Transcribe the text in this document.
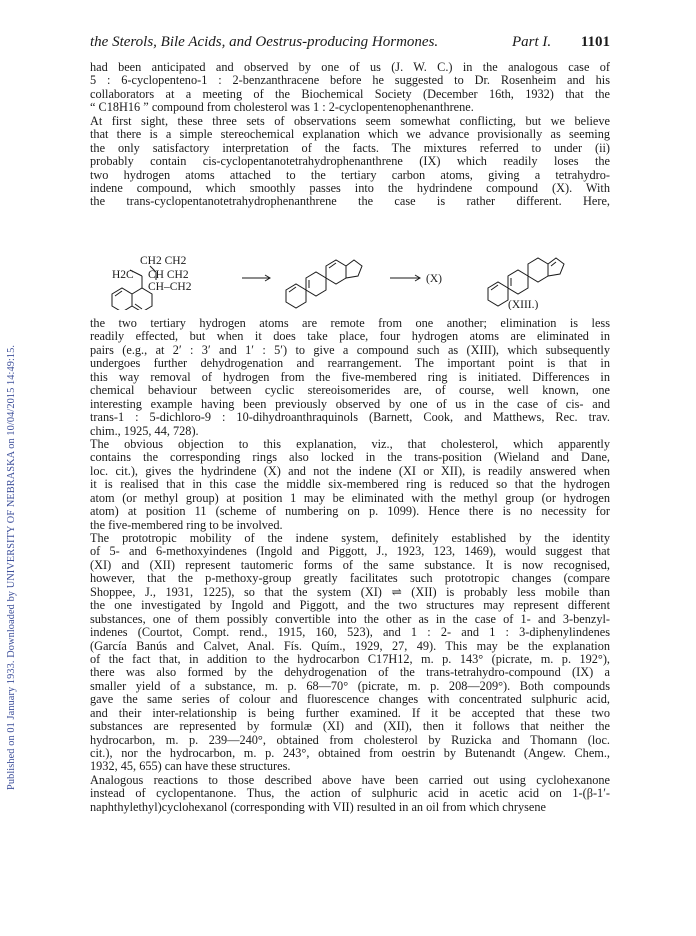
Published on 01 January 1933. Downloaded by UNIVERSITY OF NEBRASKA on 10/04/2015 14:49:15.
the Sterols, Bile Acids, and Oestrus-producing Hormones.	Part I. 1101
had been anticipated and observed by one of us (J. W. C.) in the analogous case of
5 : 6-cyclopenteno-1 : 2-benzanthracene before he suggested to Dr. Rosenheim and his
collaborators at a meeting of the Biochemical Society (December 16th, 1932) that the
“ C18H16 ” compound from cholesterol was 1 : 2-cyclopentenophenanthrene.
At first sight, these three sets of observations seem somewhat conflicting, but we believe
that there is a simple stereochemical explanation which we advance provisionally as seeming
the only satisfactory interpretation of the facts. The mixtures referred to under (ii)
probably contain cis-cyclopentanotetrahydrophenanthrene (IX) which readily loses the
two hydrogen atoms attached to the tertiary carbon atoms, giving a tetrahydro-
indene compound, which smoothly passes into the hydrindene compound (X). With
the trans-cyclopentanotetrahydrophenanthrene the case is rather different. Here,
CH2 CH2
H2C CH CH2
CH–CH2
(X)
(XIII.)
the two tertiary hydrogen atoms are remote from one another; elimination is less
readily effected, but when it does take place, four hydrogen atoms are eliminated in
pairs (e.g., at 2′ : 3′ and 1′ : 5′) to give a compound such as (XIII), which subsequently
undergoes further dehydrogenation and rearrangement. The important point is that in
this way removal of hydrogen from the five-membered ring is initiated. Differences in
chemical behaviour between cyclic stereoisomerides are, of course, well known, one
interesting example having been previously observed by one of us in the case of cis- and
trans-1 : 5-dichloro-9 : 10-dihydroanthraquinols (Barnett, Cook, and Matthews, Rec. trav.
chim., 1925, 44, 728).
The obvious objection to this explanation, viz., that cholesterol, which apparently
contains the corresponding rings also locked in the trans-position (Wieland and Dane,
loc. cit.), gives the hydrindene (X) and not the indene (XI or XII), is readily answered when
it is realised that in this case the middle six-membered ring is reduced so that the hydrogen
atom (or methyl group) at position 1 may be eliminated with the methyl group (or hydrogen
atom) at position 11 (scheme of numbering on p. 1099). Hence there is no necessity for
the five-membered ring to be involved.
The prototropic mobility of the indene system, definitely established by the identity
of 5- and 6-methoxyindenes (Ingold and Piggott, J., 1923, 123, 1469), would suggest that
(XI) and (XII) represent tautomeric forms of the same substance. It is now recognised,
however, that the p-methoxy-group greatly facilitates such prototropic changes (compare
Shoppee, J., 1931, 1225), so that the system (XI) ⇌ (XII) is probably less mobile than
the one investigated by Ingold and Piggott, and the two structures may represent different
substances, one of them possibly convertible into the other as in the case of 1- and 3-benzyl-
indenes (Courtot, Compt. rend., 1915, 160, 523), and 1 : 2- and 1 : 3-diphenylindenes
(García Banús and Calvet, Anal. Fís. Quím., 1929, 27, 49). This may be the explanation
of the fact that, in addition to the hydrocarbon C17H12, m. p. 143° (picrate, m. p. 192°),
there was also formed by the dehydrogenation of the trans-tetrahydro-compound (IX) a
smaller yield of a substance, m. p. 68—70° (picrate, m. p. 208—209°). Both compounds
gave the same series of colour and fluorescence changes with concentrated sulphuric acid,
and their inter-relationship is being further examined. If it be accepted that these two
substances are represented by formulæ (XI) and (XII), then it follows that neither the
hydrocarbon, m. p. 239—240°, obtained from cholesterol by Ruzicka and Thomann (loc.
cit.), nor the hydrocarbon, m. p. 243°, obtained from oestrin by Butenandt (Angew. Chem.,
1932, 45, 655) can have these structures.
Analogous reactions to those described above have been carried out using cyclohexanone
instead of cyclopentanone. Thus, the action of sulphuric acid in acetic acid on 1-(β-1′-
naphthylethyl)cyclohexanol (corresponding with VII) resulted in an oil from which chrysene
